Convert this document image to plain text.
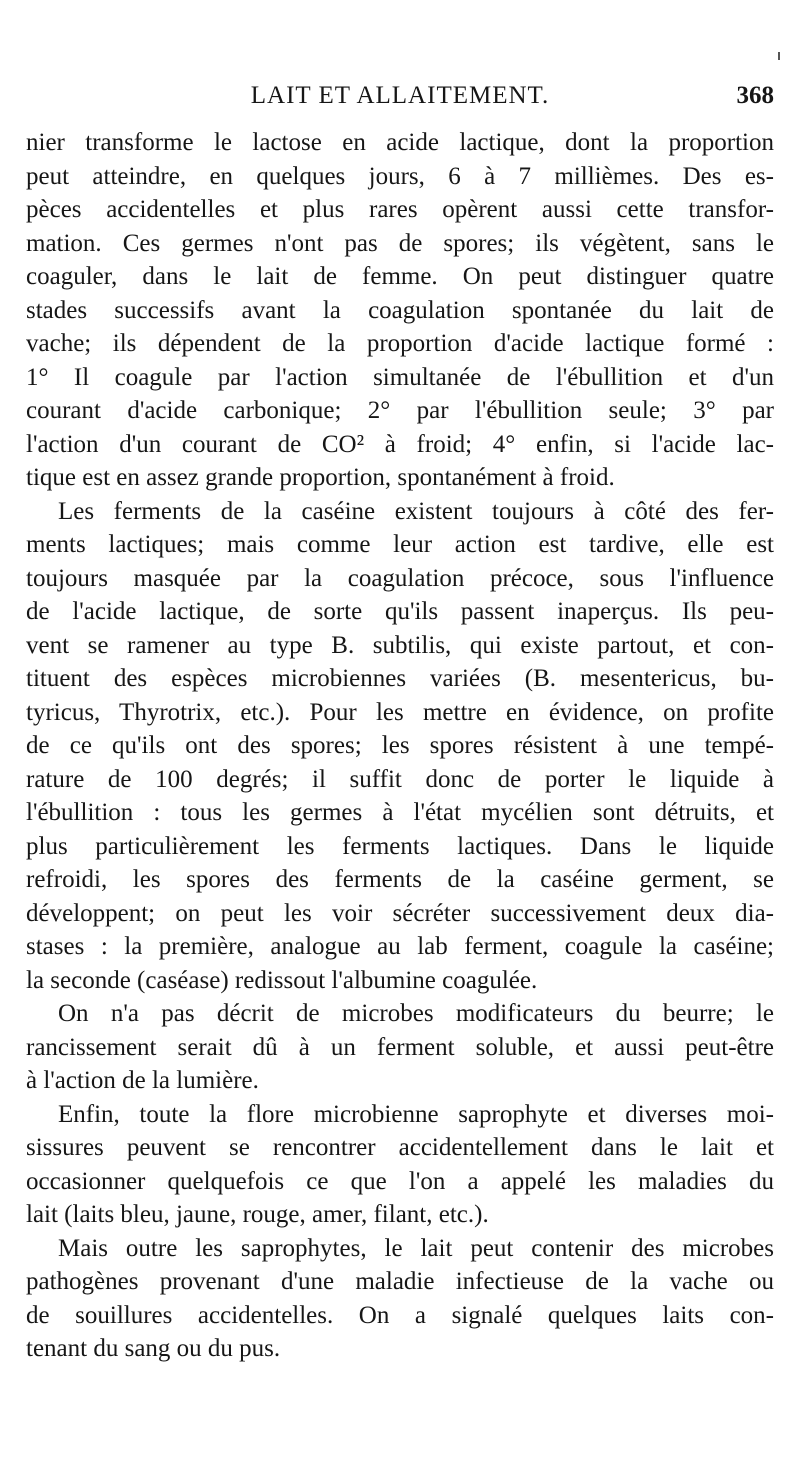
LAIT ET ALLAITEMENT.	368
nier transforme le lactose en acide lactique, dont la proportion
peut atteindre, en quelques jours, 6 à 7 millièmes. Des es-
pèces accidentelles et plus rares opèrent aussi cette transfor-
mation. Ces germes n'ont pas de spores; ils végètent, sans le
coaguler, dans le lait de femme. On peut distinguer quatre
stades successifs avant la coagulation spontanée du lait de
vache; ils dépendent de la proportion d'acide lactique formé :
1° Il coagule par l'action simultanée de l'ébullition et d'un
courant d'acide carbonique; 2° par l'ébullition seule; 3° par
l'action d'un courant de CO² à froid; 4° enfin, si l'acide lac-
tique est en assez grande proportion, spontanément à froid.
Les ferments de la caséine existent toujours à côté des fer-
ments lactiques; mais comme leur action est tardive, elle est
toujours masquée par la coagulation précoce, sous l'influence
de l'acide lactique, de sorte qu'ils passent inaperçus. Ils peu-
vent se ramener au type B. subtilis, qui existe partout, et con-
tituent des espèces microbiennes variées (B. mesentericus, bu-
tyricus, Thyrotrix, etc.). Pour les mettre en évidence, on profite
de ce qu'ils ont des spores; les spores résistent à une tempé-
rature de 100 degrés; il suffit donc de porter le liquide à
l'ébullition : tous les germes à l'état mycélien sont détruits, et
plus particulièrement les ferments lactiques. Dans le liquide
refroidi, les spores des ferments de la caséine germent, se
développent; on peut les voir sécréter successivement deux dia-
stases : la première, analogue au lab ferment, coagule la caséine;
la seconde (caséase) redissout l'albumine coagulée.
On n'a pas décrit de microbes modificateurs du beurre; le
rancissement serait dû à un ferment soluble, et aussi peut-être
à l'action de la lumière.
Enfin, toute la flore microbienne saprophyte et diverses moi-
sissures peuvent se rencontrer accidentellement dans le lait et
occasionner quelquefois ce que l'on a appelé les maladies du
lait (laits bleu, jaune, rouge, amer, filant, etc.).
Mais outre les saprophytes, le lait peut contenir des microbes
pathogènes provenant d'une maladie infectieuse de la vache ou
de souillures accidentelles. On a signalé quelques laits con-
tenant du sang ou du pus.
